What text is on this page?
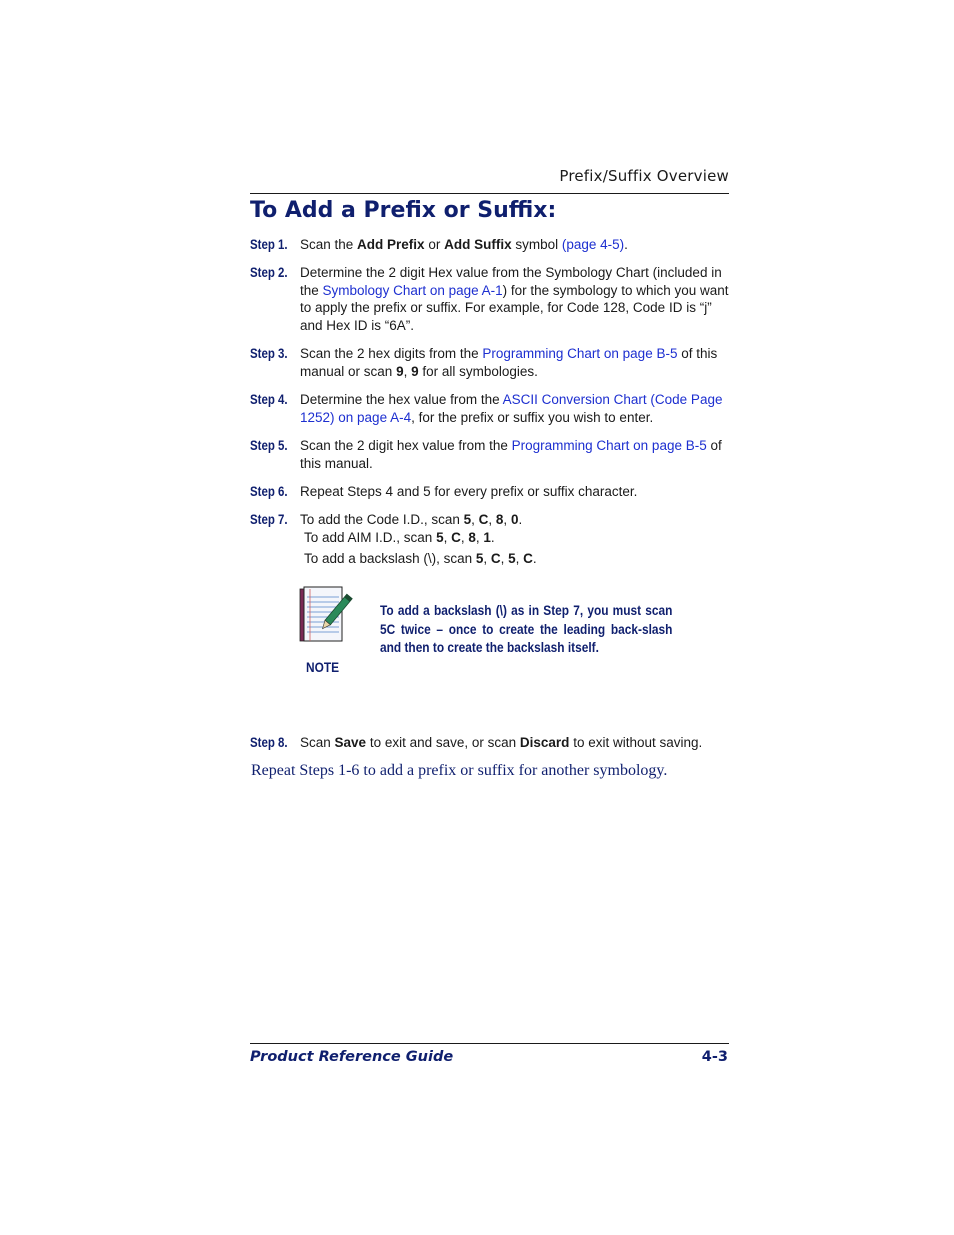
Prefix/Suffix Overview
To Add a Prefix or Suffix:
Step 1. Scan the Add Prefix or Add Suffix symbol (page 4-5).
Step 2. Determine the 2 digit Hex value from the Symbology Chart (included in the Symbology Chart on page A-1) for the symbology to which you want to apply the prefix or suffix. For example, for Code 128, Code ID is “j” and Hex ID is “6A”.
Step 3. Scan the 2 hex digits from the Programming Chart on page B-5 of this manual or scan 9, 9 for all symbologies.
Step 4. Determine the hex value from the ASCII Conversion Chart (Code Page 1252) on page A-4, for the prefix or suffix you wish to enter.
Step 5. Scan the 2 digit hex value from the Programming Chart on page B-5 of this manual.
Step 6. Repeat Steps 4 and 5 for every prefix or suffix character.
Step 7. To add the Code I.D., scan 5, C, 8, 0.
To add AIM I.D., scan 5, C, 8, 1.
To add a backslash (\), scan 5, C, 5, C.
NOTE
To add a backslash (\) as in Step 7, you must scan 5C twice – once to create the leading back-slash and then to create the backslash itself.
Step 8. Scan Save to exit and save, or scan Discard to exit without saving.
Repeat Steps 1-6 to add a prefix or suffix for another symbology.
Product Reference Guide	4-3
